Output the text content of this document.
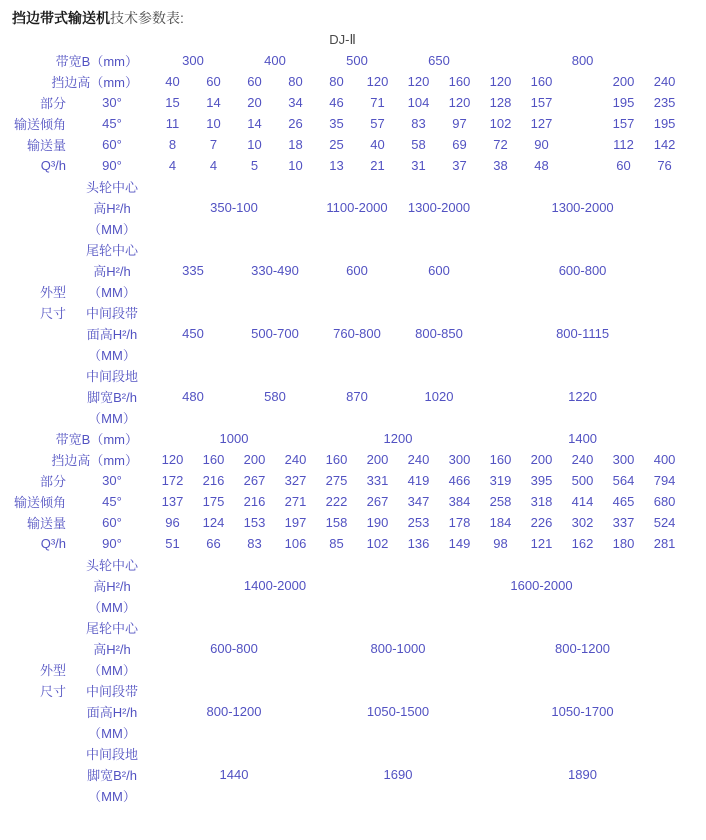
挡边带式输送机技术参数表:

DJ-Ⅱ														
带宽B（mm）		300		400		500		650		800				
挡边高（mm）		40	60	60	80	80	120	120	160	120	160		200	240
部分	30°	15	14	20	34	46	71	104	120	128	157		195	235
输送倾角	45°	11	10	14	26	35	57	83	97	102	127		157	195
输送量	60°	8	7	10	18	25	40	58	69	72	90		112	142
Q³/h	90°	4	4	5	10	13	21	31	37	38	48		60	76
	头轮中心													
	高H²/h	350-100				1100-2000		1300-2000		1300-2000				
	（MM）													
	尾轮中心													
	高H²/h	335		330-490		600		600		600-800				
外型	（MM）													
尺寸	中间段带													
	面高H²/h	450		500-700		760-800		800-850		800-1115				
	（MM）													
	中间段地													
	脚宽B²/h	480		580		870		1020		1220				
	（MM）													
带宽B（mm）		1000				1200				1400				
挡边高（mm）		120	160	200	240	160	200	240	300	160	200	240	300	400
部分	30°	172	216	267	327	275	331	419	466	319	395	500	564	794
输送倾角	45°	137	175	216	271	222	267	347	384	258	318	414	465	680
输送量	60°	96	124	153	197	158	190	253	178	184	226	302	337	524
Q³/h	90°	51	66	83	106	85	102	136	149	98	121	162	180	281
	头轮中心													
	高H²/h		1400-2000							1600-2000				
	（MM）													
	尾轮中心													
	高H²/h		600-800				800-1000				800-1200			
外型	（MM）													
尺寸	中间段带													
	面高H²/h		800-1200				1050-1500				1050-1700			
	（MM）													
	中间段地													
	脚宽B²/h		1440				1690				1890			
	（MM）													
